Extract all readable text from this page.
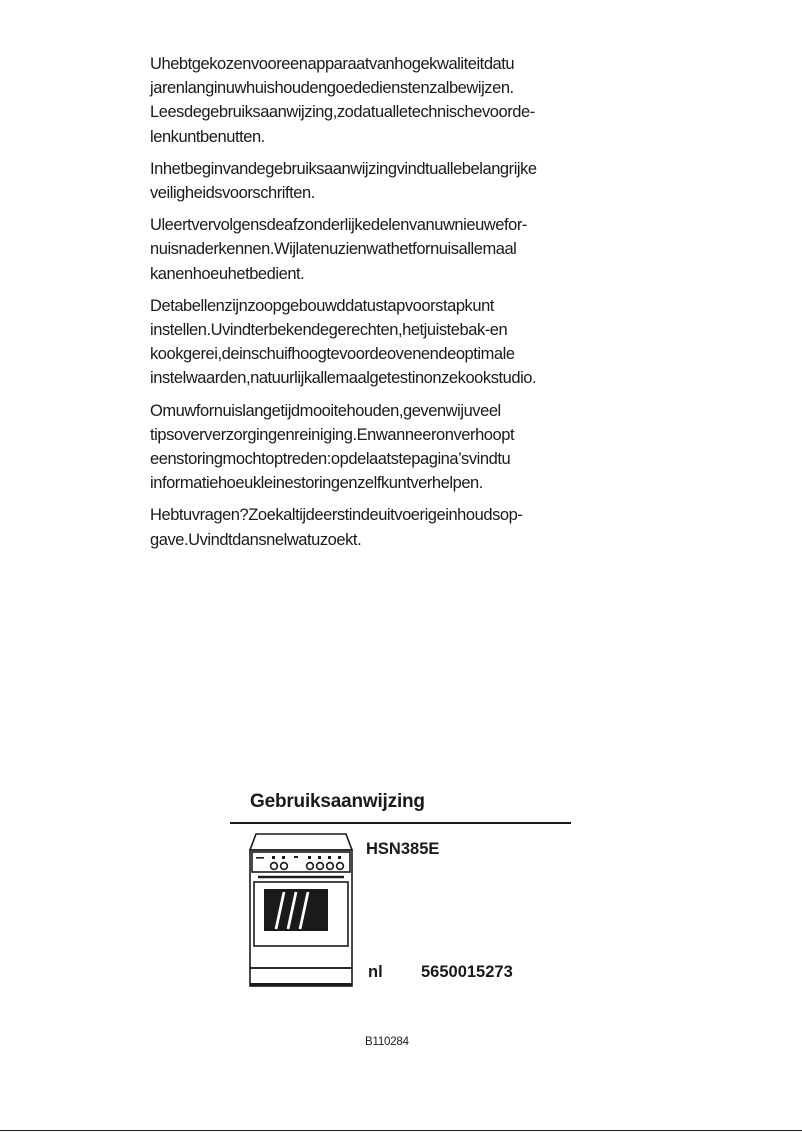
Uhebtgekozenvooreenapparaatvanhogekwaliteitdatu
jarenlanginuwhuishoudengoededienstenzalbewijzen.
Leesdegebruiksaanwijzing,zodatualletechnischevoorde-
lenkuntbenutten.

Inhetbeginvandegebruiksaanwijzingvindtuallebelangrijke
veiligheidsvoorschriften.

Uleertvervolgensdeafzonderlijkedelenvanuwnieuwefor-
nuisnaderkennen.Wijlatenuzienwathetfornuisallemaal
kanenhoeuhetbedient.

Detabellenzijnzoopgebouwddatustapvoorstapkunt
instellen.Uvindterbekendegerechten,hetjuistebak-en
kookgerei,deinschuifhoogtevoordeovenendeoptimale
instelwaarden,natuurlijkallemaalgetestinonzekookstudio.

Omuwfornuislangetijdmooitehouden,gevenwijuveel
tipsoververzorgingenreiniging.Enwanneeronverhoopt
eenstoringmochtoptreden:opdelaatstepagina’svindtu
informatiehoeukleinestoringenzelfkuntverhelpen.

Hebtuvragen?Zoekaltijdeerstindeuitvoerigeinhoudsop-
gave.Uvindtdansnelwatuzoekt.

Gebruiksaanwijzing
HSN385E
nl 5650015273
B110284
